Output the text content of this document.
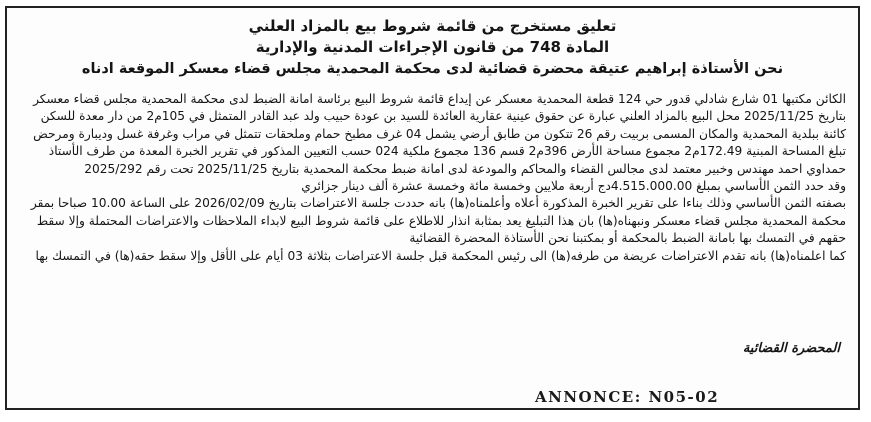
تعليق مستخرج من قائمة شروط بيع بالمزاد العلني
المادة 748 من قانون الإجراءات المدنية والإدارية
نحن الأستاذة إبراهيم عتيقة محضرة قضائية لدى محكمة المحمدية مجلس قضاء معسكر الموقعة ادناه

الكائن مكتبها 01 شارع شادلي قدور حي 124 قطعة المحمدية معسكر عن إيداع قائمة شروط البيع برئاسة امانة الضبط لدى محكمة المحمدية مجلس قضاء معسكر بتاريخ 2025/11/25 محل البيع بالمزاد العلني عبارة عن حقوق عينية عقارية العائدة للسيد بن عودة حبيب ولد عبد القادر المتمثل في 105م2 من دار معدة للسكن كائنة ببلدية المحمدية والمكان المسمى بربيت رقم 26 تتكون من طابق أرضي يشمل 04 غرف مطبخ حمام وملحقات تتمثل في مراب وغرفة غسل وديبارة ومرحض تبلغ المساحة المبنية 172.49م2 مجموع مساحة الأرض 396م2 قسم 136 مجموع ملكية 024 حسب التعيين المذكور في تقرير الخبرة المعدة من طرف الأستاذ حمداوي احمد مهندس وخبير معتمد لدى مجالس القضاء والمحاكم والمودعة لدى امانة ضبط محكمة المحمدية بتاريخ 2025/11/25 تحت رقم 2025/292

وقد حدد الثمن الأساسي بمبلغ 4.515.000.00دج أربعة ملايين وخمسة مائة وخمسة عشرة ألف دينار جزائري

بصفته الثمن الأساسي وذلك بناءا على تقرير الخبرة المذكورة أعلاه وأعلمناه(ها) بانه حددت جلسة الاعتراضات بتاريخ 2026/02/09 على الساعة 10.00 صباحا بمقر محكمة المحمدية مجلس قضاء معسكر ونبهناه(ها) بان هذا التبليغ يعد بمثابة انذار للاطلاع على قائمة شروط البيع لابداء الملاحظات والاعتراضات المحتملة وإلا سقط حقهم في التمسك بها بامانة الضبط بالمحكمة أو بمكتبنا نحن الأستاذة المحضرة القضائية

كما اعلمناه(ها) بانه تقدم الاعتراضات عريضة من طرفه(ها) الى رئيس المحكمة قبل جلسة الاعتراضات بثلاثة 03 أيام على الأقل وإلا سقط حقه(ها) في التمسك بها

المحضرة القضائية
ANNONCE: N05-02
